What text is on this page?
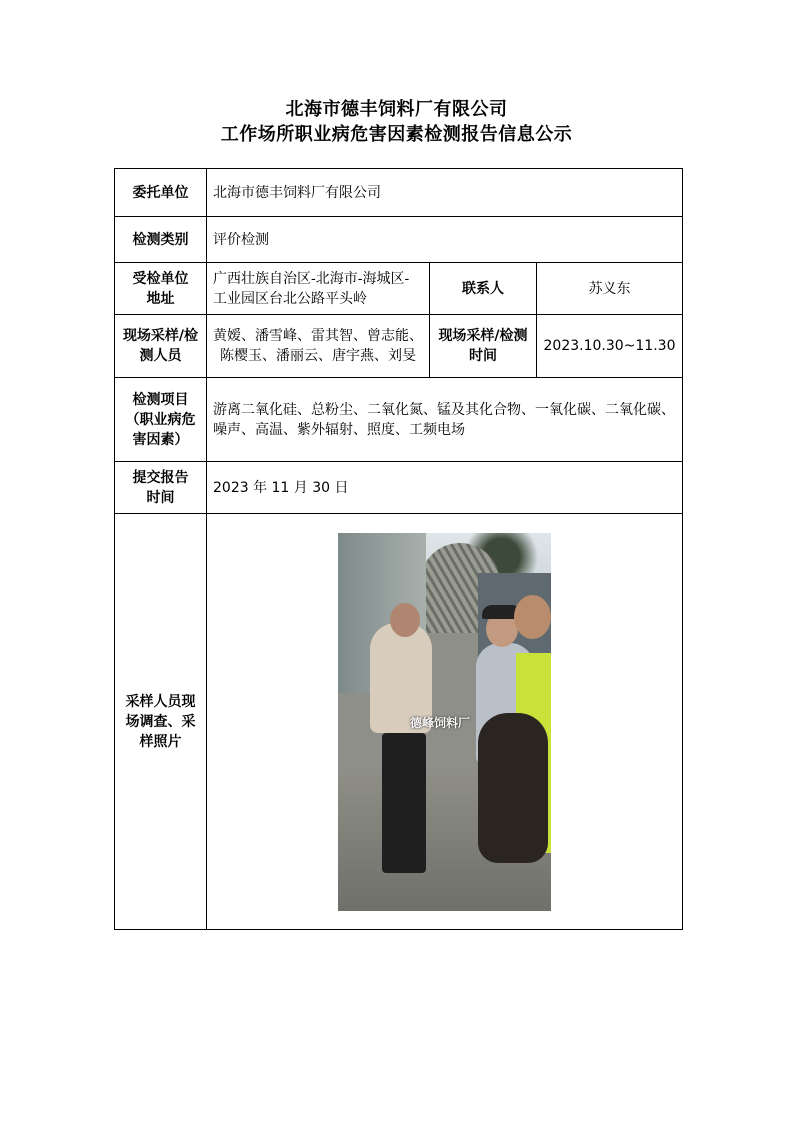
北海市德丰饲料厂有限公司
工作场所职业病危害因素检测报告信息公示
委托单位	北海市德丰饲料厂有限公司		
检测类别	评价检测		
受检单位地址	广西壮族自治区-北海市-海城区-工业园区台北公路平头岭	联系人	苏义东
现场采样/检测人员	黄嫒、潘雪峰、雷其智、曾志能、陈樱玉、潘丽云、唐宇燕、刘旻	现场采样/检测时间	2023.10.30~11.30
检测项目（职业病危害因素）	游离二氧化硅、总粉尘、二氧化氮、锰及其化合物、一氧化碳、二氧化碳、噪声、高温、紫外辐射、照度、工频电场		
提交报告时间	2023 年 11 月 30 日		
采样人员现场调查、采样照片	德峰饲料厂		
